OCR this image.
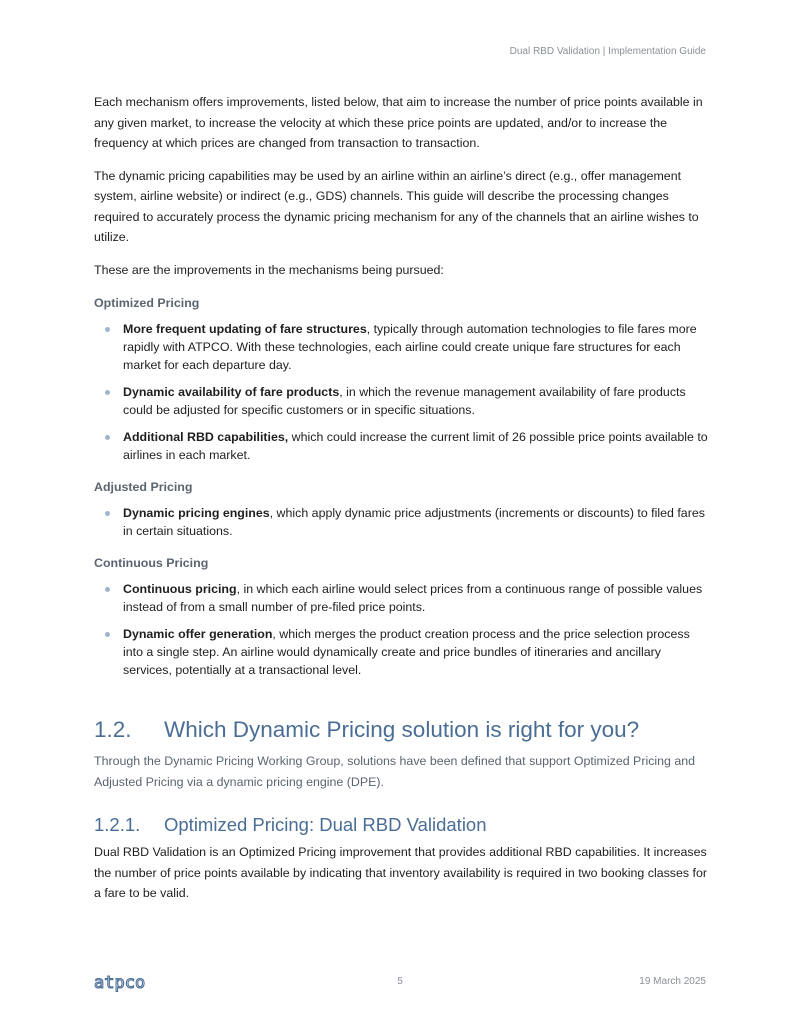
Dual RBD Validation | Implementation Guide

Each mechanism offers improvements, listed below, that aim to increase the number of price points available in any given market, to increase the velocity at which these price points are updated, and/or to increase the frequency at which prices are changed from transaction to transaction.

The dynamic pricing capabilities may be used by an airline within an airline’s direct (e.g., offer management system, airline website) or indirect (e.g., GDS) channels. This guide will describe the processing changes required to accurately process the dynamic pricing mechanism for any of the channels that an airline wishes to utilize.

These are the improvements in the mechanisms being pursued:

Optimized Pricing
More frequent updating of fare structures, typically through automation technologies to file fares more rapidly with ATPCO. With these technologies, each airline could create unique fare structures for each market for each departure day.
Dynamic availability of fare products, in which the revenue management availability of fare products could be adjusted for specific customers or in specific situations.
Additional RBD capabilities, which could increase the current limit of 26 possible price points available to airlines in each market.
Adjusted Pricing
Dynamic pricing engines, which apply dynamic price adjustments (increments or discounts) to filed fares in certain situations.
Continuous Pricing
Continuous pricing, in which each airline would select prices from a continuous range of possible values instead of from a small number of pre-filed price points.
Dynamic offer generation, which merges the product creation process and the price selection process into a single step. An airline would dynamically create and price bundles of itineraries and ancillary services, potentially at a transactional level.
1.2.	Which Dynamic Pricing solution is right for you?

Through the Dynamic Pricing Working Group, solutions have been defined that support Optimized Pricing and Adjusted Pricing via a dynamic pricing engine (DPE).

1.2.1.	Optimized Pricing: Dual RBD Validation

Dual RBD Validation is an Optimized Pricing improvement that provides additional RBD capabilities. It increases the number of price points available by indicating that inventory availability is required in two booking classes for a fare to be valid.

atpco	5	19 March 2025
